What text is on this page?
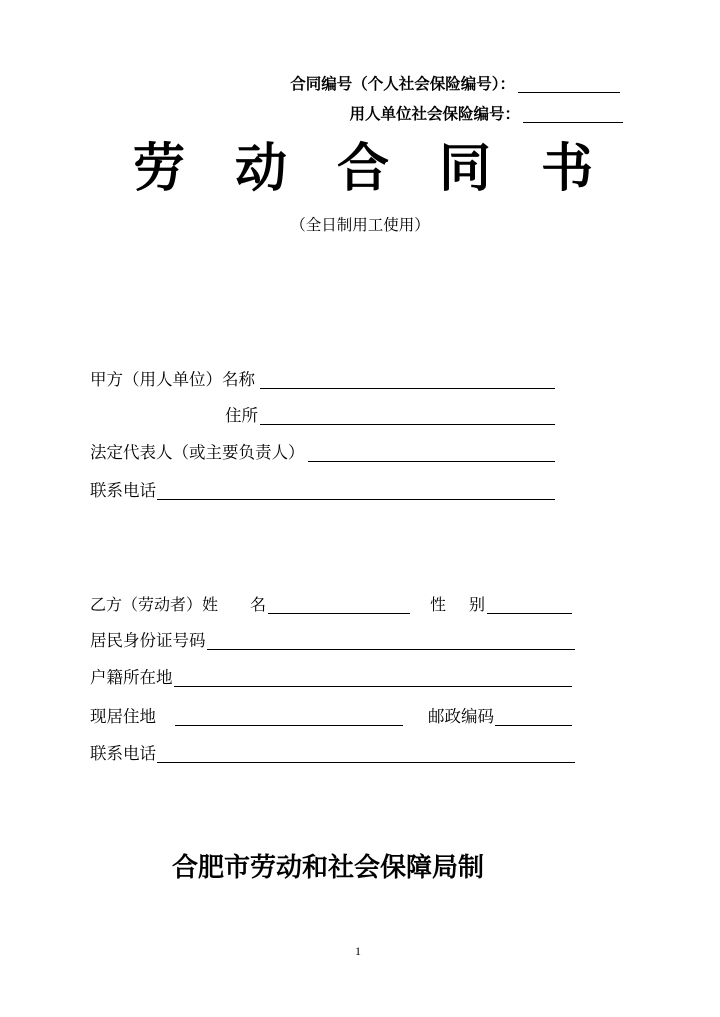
合同编号（个人社会保险编号）：
用人单位社会保险编号：
劳动合同书
（全日制用工使用）
甲方（用人单位）名称
住所
法定代表人（或主要负责人）
联系电话
乙方（劳动者）姓　　名	性　　别
居民身份证号码
户籍所在地
现居住地	邮政编码
联系电话
合肥市劳动和社会保障局制
1
